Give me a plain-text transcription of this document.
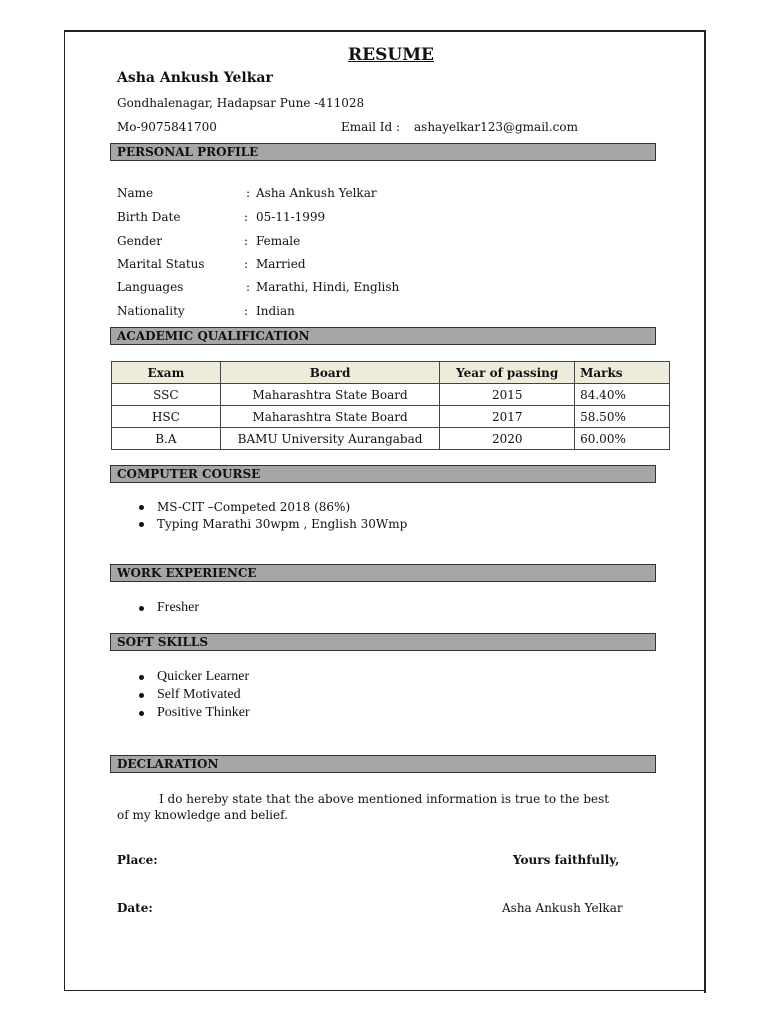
RESUME
Asha Ankush Yelkar
Gondhalenagar, Hadapsar Pune -411028
Mo-9075841700	Email Id : ashayelkar123@gmail.com
PERSONAL PROFILE
Name	: Asha Ankush Yelkar
Birth Date	: 05-11-1999
Gender	: Female
Marital Status	: Married
Languages	: Marathi, Hindi, English
Nationality	: Indian
ACADEMIC QUALIFICATION
Exam	Board	Year of passing	Marks
SSC	Maharashtra State Board	2015	84.40%
HSC	Maharashtra State Board	2017	58.50%
B.A	BAMU University Aurangabad	2020	60.00%
COMPUTER COURSE
MS-CIT –Competed 2018 (86%)
Typing Marathi 30wpm , English 30Wmp
WORK EXPERIENCE
Fresher
SOFT SKILLS
Quicker Learner
Self Motivated
Positive Thinker
DECLARATION
I do hereby state that the above mentioned information is true to the best of my knowledge and belief.
Place:	Yours faithfully,
Date:	Asha Ankush Yelkar
